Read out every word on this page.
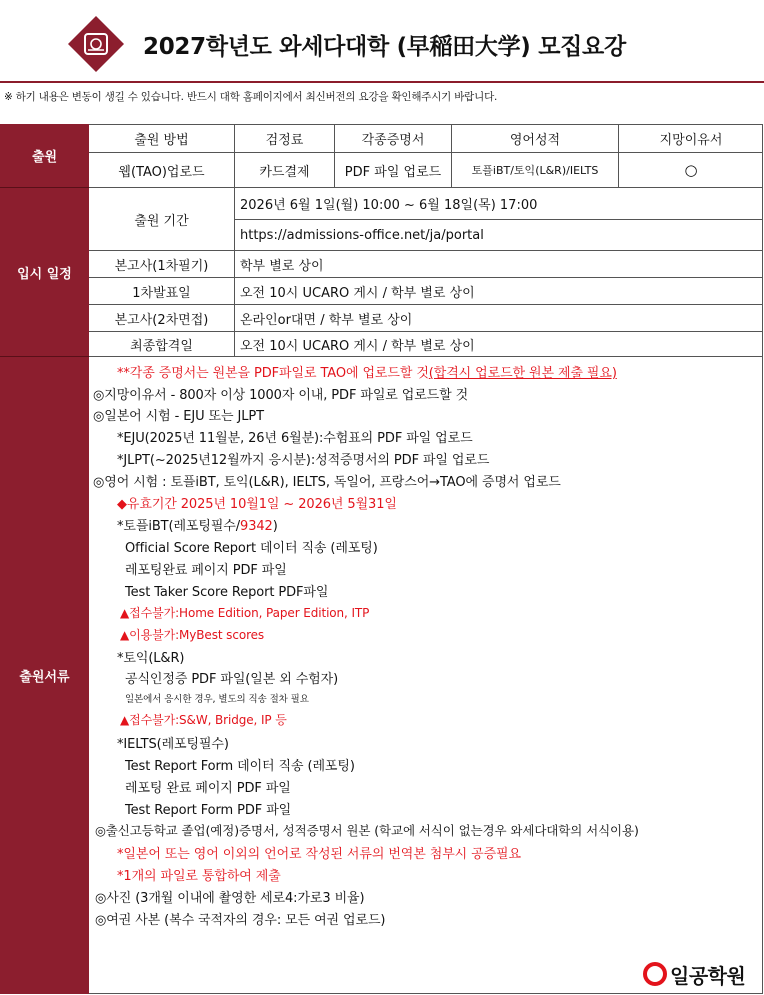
2027학년도 와세다대학 (早稲田大学) 모집요강
※ 하기 내용은 변동이 생길 수 있습니다. 반드시 대학 홈페이지에서 최신버전의 요강을 확인해주시기 바랍니다.
출원
출원 방법	검정료	각종증명서	영어성적	지망이유서
웹(TAO)업로드	카드결제	PDF 파일 업로드	토플iBT/토익(L&R)/IELTS	○
입시 일정
출원 기간
2026년 6월 1일(월) 10:00 ~ 6월 18일(목) 17:00
https://admissions-office.net/ja/portal
본고사(1차필기)	학부 별로 상이
1차발표일	오전 10시 UCARO 게시 / 학부 별로 상이
본고사(2차면접)	온라인or대면 / 학부 별로 상이
최종합격일	오전 10시 UCARO 게시 / 학부 별로 상이
출원서류
**각종 증명서는 원본을 PDF파일로 TAO에 업로드할 것(합격시 업로드한 원본 제출 필요)
◎지망이유서 - 800자 이상 1000자 이내, PDF 파일로 업로드할 것
◎일본어 시험 - EJU 또는 JLPT
*EJU(2025년 11월분, 26년 6월분):수험표의 PDF 파일 업로드
*JLPT(~2025년12월까지 응시분):성적증명서의 PDF 파일 업로드
◎영어 시험 : 토플iBT, 토익(L&R), IELTS, 독일어, 프랑스어→TAO에 증명서 업로드
◆유효기간 2025년 10월1일 ~ 2026년 5월31일
*토플iBT(레포팅필수/9342)
Official Score Report 데이터 직송 (레포팅)
레포팅완료 페이지 PDF 파일
Test Taker Score Report PDF파일
▲접수불가:Home Edition, Paper Edition, ITP
▲이용불가:MyBest scores
*토익(L&R)
공식인정증 PDF 파일(일본 외 수험자)
일본에서 응시한 경우, 별도의 직송 절차 필요
▲접수불가:S&W, Bridge, IP 등
*IELTS(레포팅필수)
Test Report Form 데이터 직송 (레포팅)
레포팅 완료 페이지 PDF 파일
Test Report Form PDF 파일
◎출신고등학교 졸업(예정)증명서, 성적증명서 원본 (학교에 서식이 없는경우 와세다대학의 서식이용)
*일본어 또는 영어 이외의 언어로 작성된 서류의 번역본 첨부시 공증필요
*1개의 파일로 통합하여 제출
◎사진 (3개월 이내에 촬영한 세로4:가로3 비율)
◎여권 사본 (복수 국적자의 경우: 모든 여권 업로드)
일공학원
